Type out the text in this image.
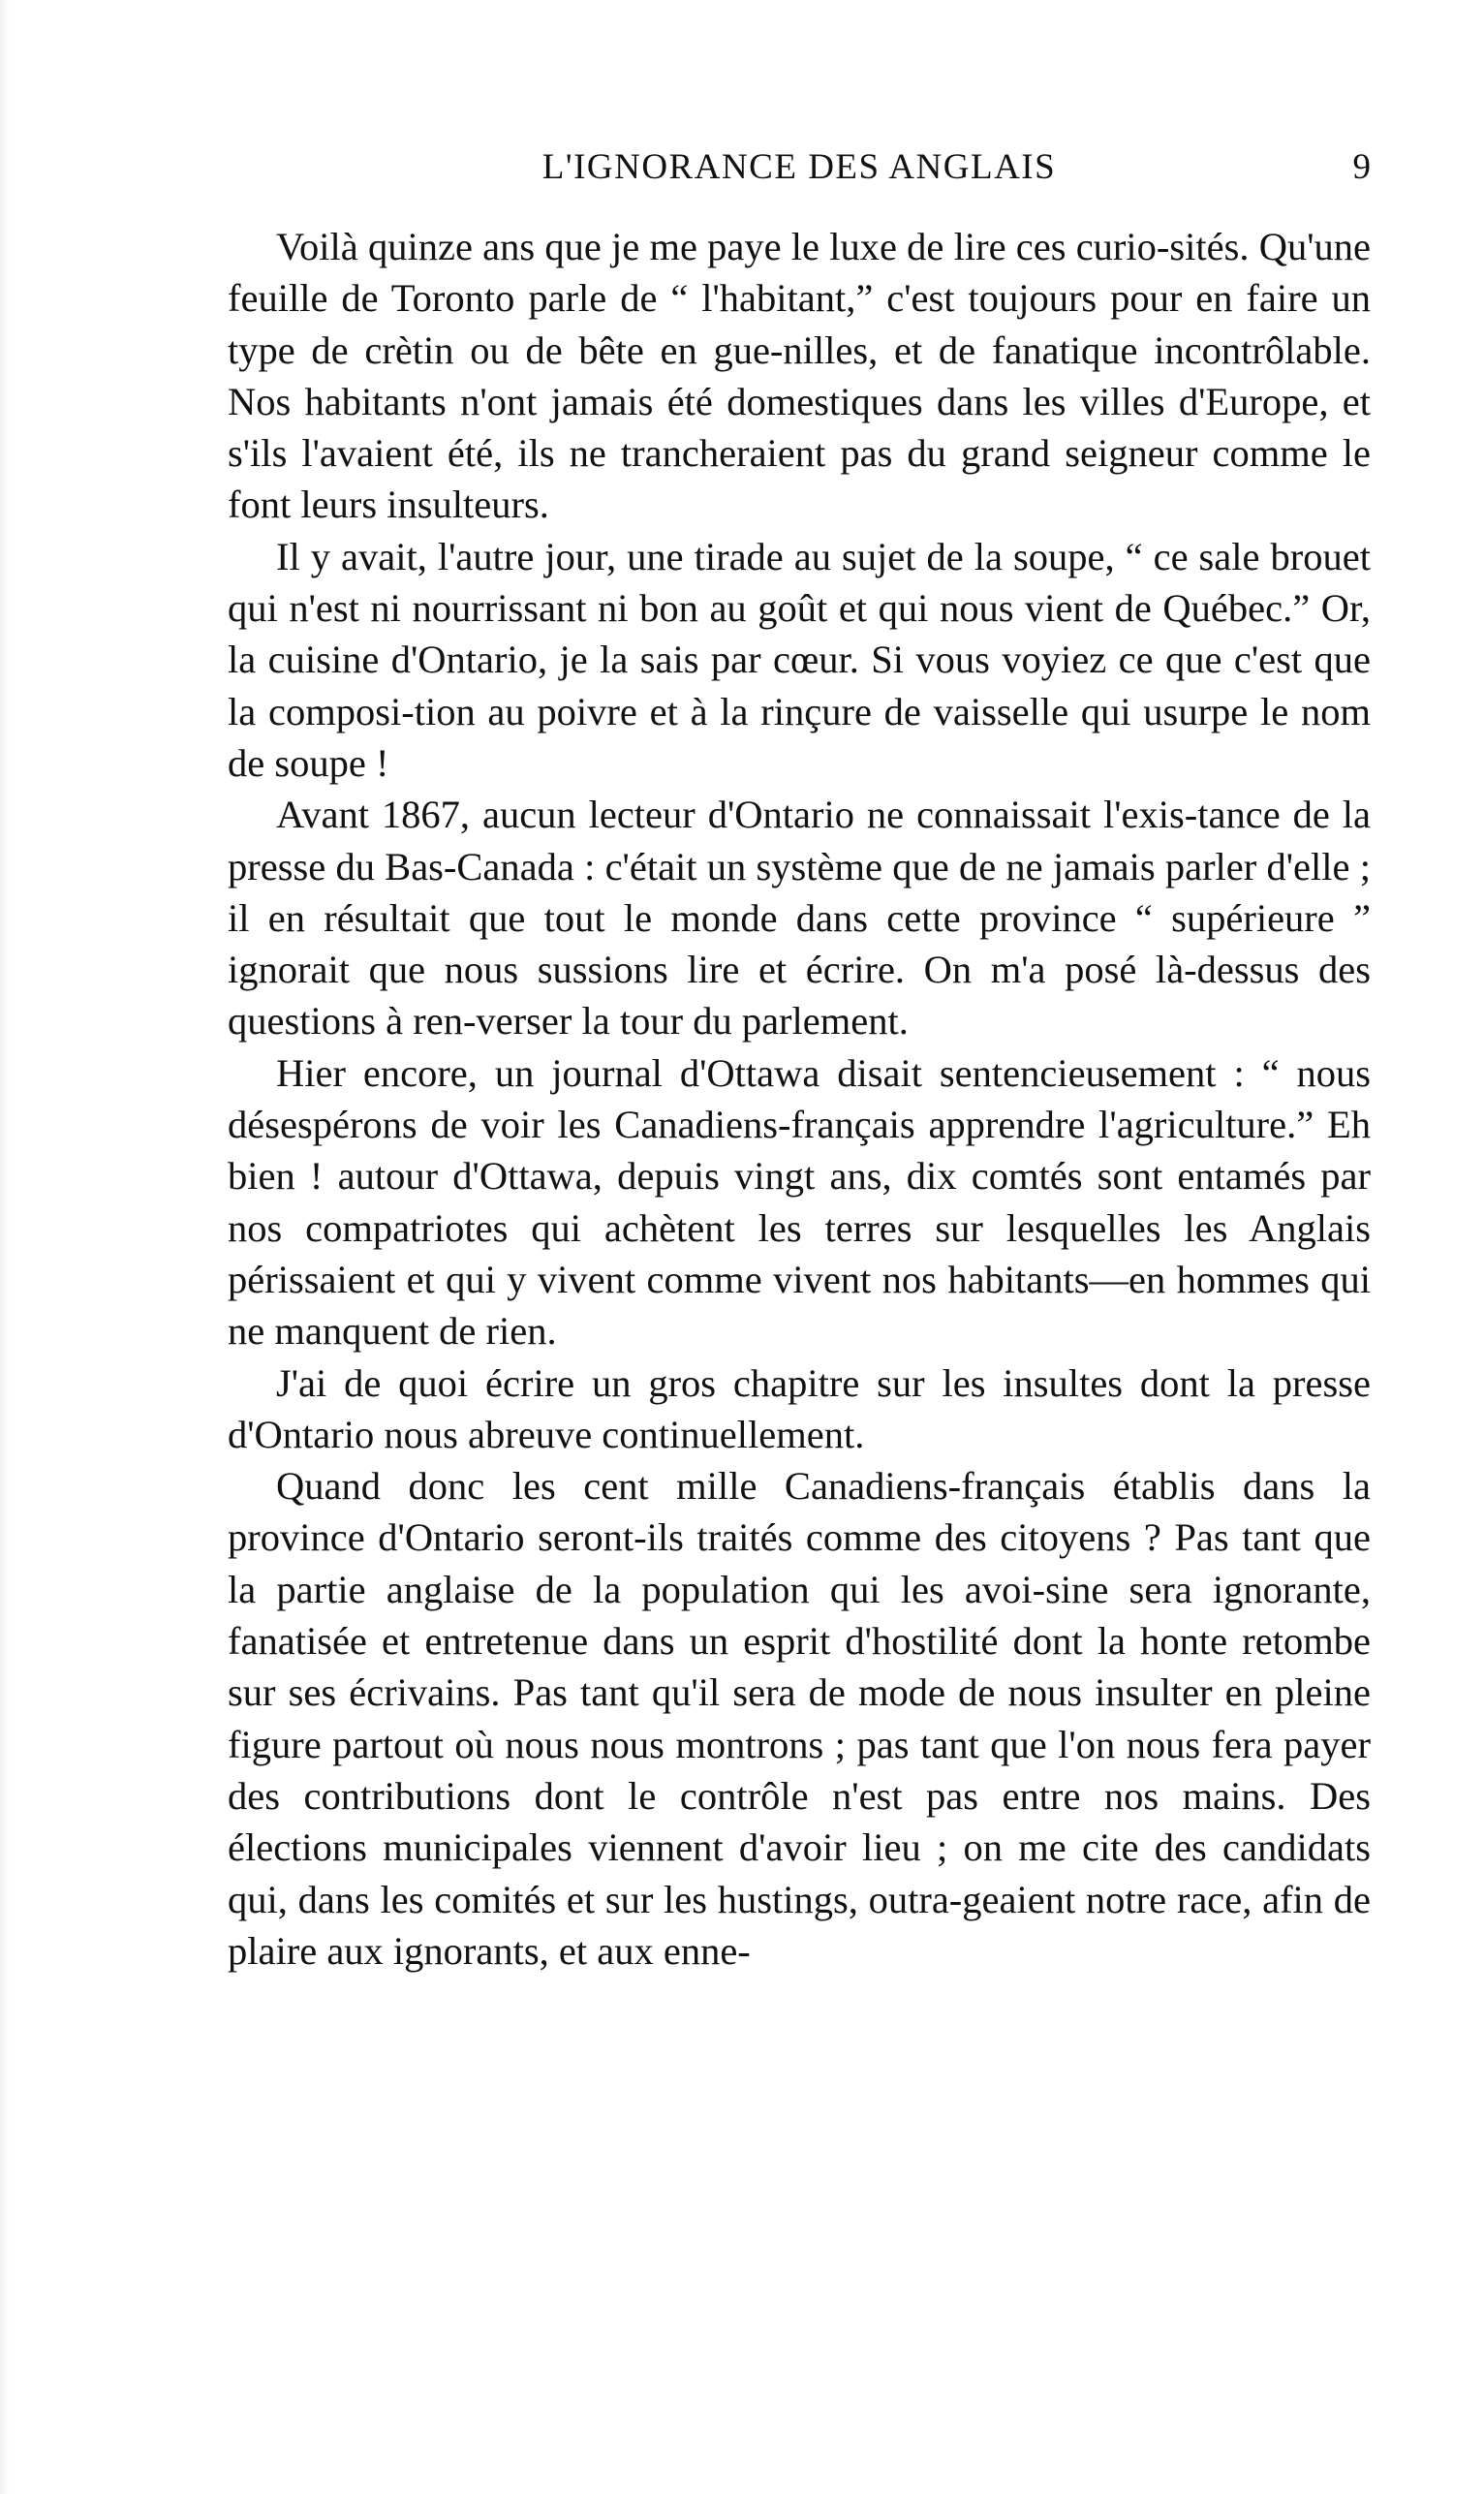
L'IGNORANCE DES ANGLAIS	9

Voilà quinze ans que je me paye le luxe de lire ces curio-sités. Qu'une feuille de Toronto parle de “ l'habitant,” c'est toujours pour en faire un type de crètin ou de bête en gue-nilles, et de fanatique incontrôlable. Nos habitants n'ont jamais été domestiques dans les villes d'Europe, et s'ils l'avaient été, ils ne trancheraient pas du grand seigneur comme le font leurs insulteurs.

Il y avait, l'autre jour, une tirade au sujet de la soupe, “ ce sale brouet qui n'est ni nourrissant ni bon au goût et qui nous vient de Québec.” Or, la cuisine d'Ontario, je la sais par cœur. Si vous voyiez ce que c'est que la composi-tion au poivre et à la rinçure de vaisselle qui usurpe le nom de soupe !

Avant 1867, aucun lecteur d'Ontario ne connaissait l'exis-tance de la presse du Bas-Canada : c'était un système que de ne jamais parler d'elle ; il en résultait que tout le monde dans cette province “ supérieure ” ignorait que nous sussions lire et écrire. On m'a posé là-dessus des questions à ren-verser la tour du parlement.

Hier encore, un journal d'Ottawa disait sentencieusement : “ nous désespérons de voir les Canadiens-français apprendre l'agriculture.” Eh bien ! autour d'Ottawa, depuis vingt ans, dix comtés sont entamés par nos compatriotes qui achètent les terres sur lesquelles les Anglais périssaient et qui y vivent comme vivent nos habitants—en hommes qui ne manquent de rien.

J'ai de quoi écrire un gros chapitre sur les insultes dont la presse d'Ontario nous abreuve continuellement.

Quand donc les cent mille Canadiens-français établis dans la province d'Ontario seront-ils traités comme des citoyens ? Pas tant que la partie anglaise de la population qui les avoi-sine sera ignorante, fanatisée et entretenue dans un esprit d'hostilité dont la honte retombe sur ses écrivains. Pas tant qu'il sera de mode de nous insulter en pleine figure partout où nous nous montrons ; pas tant que l'on nous fera payer des contributions dont le contrôle n'est pas entre nos mains. Des élections municipales viennent d'avoir lieu ; on me cite des candidats qui, dans les comités et sur les hustings, outra-geaient notre race, afin de plaire aux ignorants, et aux enne-
